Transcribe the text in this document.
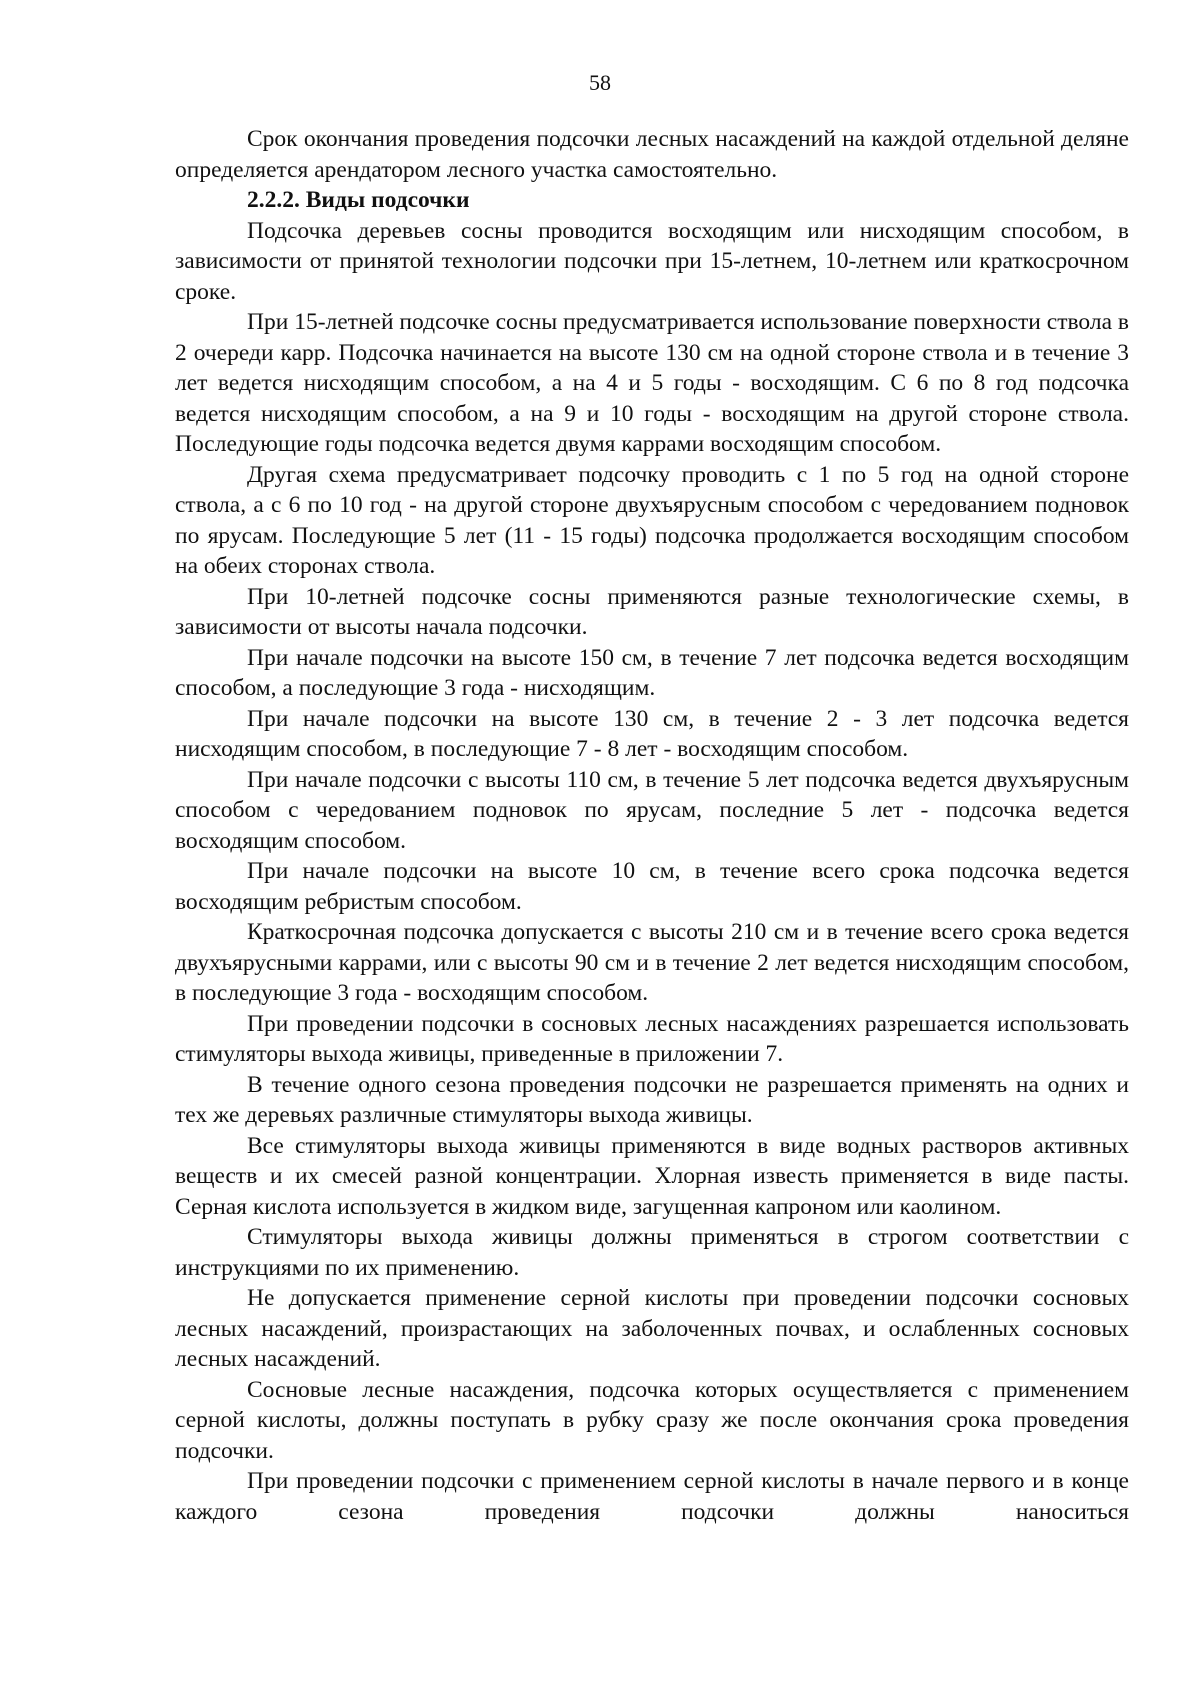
58

Срок окончания проведения подсочки лесных насаждений на каждой отдельной деляне определяется арендатором лесного участка самостоятельно.

2.2.2. Виды подсочки

Подсочка деревьев сосны проводится восходящим или нисходящим способом, в зависимости от принятой технологии подсочки при 15-летнем, 10-летнем или краткосрочном сроке.

При 15-летней подсочке сосны предусматривается использование поверхности ствола в 2 очереди карр. Подсочка начинается на высоте 130 см на одной стороне ствола и в течение 3 лет ведется нисходящим способом, а на 4 и 5 годы - восходящим. С 6 по 8 год подсочка ведется нисходящим способом, а на 9 и 10 годы - восходящим на другой стороне ствола. Последующие годы подсочка ведется двумя каррами восходящим способом.

Другая схема предусматривает подсочку проводить с 1 по 5 год на одной стороне ствола, а с 6 по 10 год - на другой стороне двухъярусным способом с чередованием подновок по ярусам. Последующие 5 лет (11 - 15 годы) подсочка продолжается восходящим способом на обеих сторонах ствола.

При 10-летней подсочке сосны применяются разные технологические схемы, в зависимости от высоты начала подсочки.

При начале подсочки на высоте 150 см, в течение 7 лет подсочка ведется восходящим способом, а последующие 3 года - нисходящим.

При начале подсочки на высоте 130 см, в течение 2 - 3 лет подсочка ведется нисходящим способом, в последующие 7 - 8 лет - восходящим способом.

При начале подсочки с высоты 110 см, в течение 5 лет подсочка ведется двухъярусным способом с чередованием подновок по ярусам, последние 5 лет - подсочка ведется восходящим способом.

При начале подсочки на высоте 10 см, в течение всего срока подсочка ведется восходящим ребристым способом.

Краткосрочная подсочка допускается с высоты 210 см и в течение всего срока ведется двухъярусными каррами, или с высоты 90 см и в течение 2 лет ведется нисходящим способом, в последующие 3 года - восходящим способом.

При проведении подсочки в сосновых лесных насаждениях разрешается использовать стимуляторы выхода живицы, приведенные в приложении 7.

В течение одного сезона проведения подсочки не разрешается применять на одних и тех же деревьях различные стимуляторы выхода живицы.

Все стимуляторы выхода живицы применяются в виде водных растворов активных веществ и их смесей разной концентрации. Хлорная известь применяется в виде пасты. Серная кислота используется в жидком виде, загущенная капроном или каолином.

Стимуляторы выхода живицы должны применяться в строгом соответствии с инструкциями по их применению.

Не допускается применение серной кислоты при проведении подсочки сосновых лесных насаждений, произрастающих на заболоченных почвах, и ослабленных сосновых лесных насаждений.

Сосновые лесные насаждения, подсочка которых осуществляется с применением серной кислоты, должны поступать в рубку сразу же после окончания срока проведения подсочки.

При проведении подсочки с применением серной кислоты в начале первого и в конце каждого сезона проведения подсочки должны наноситься
